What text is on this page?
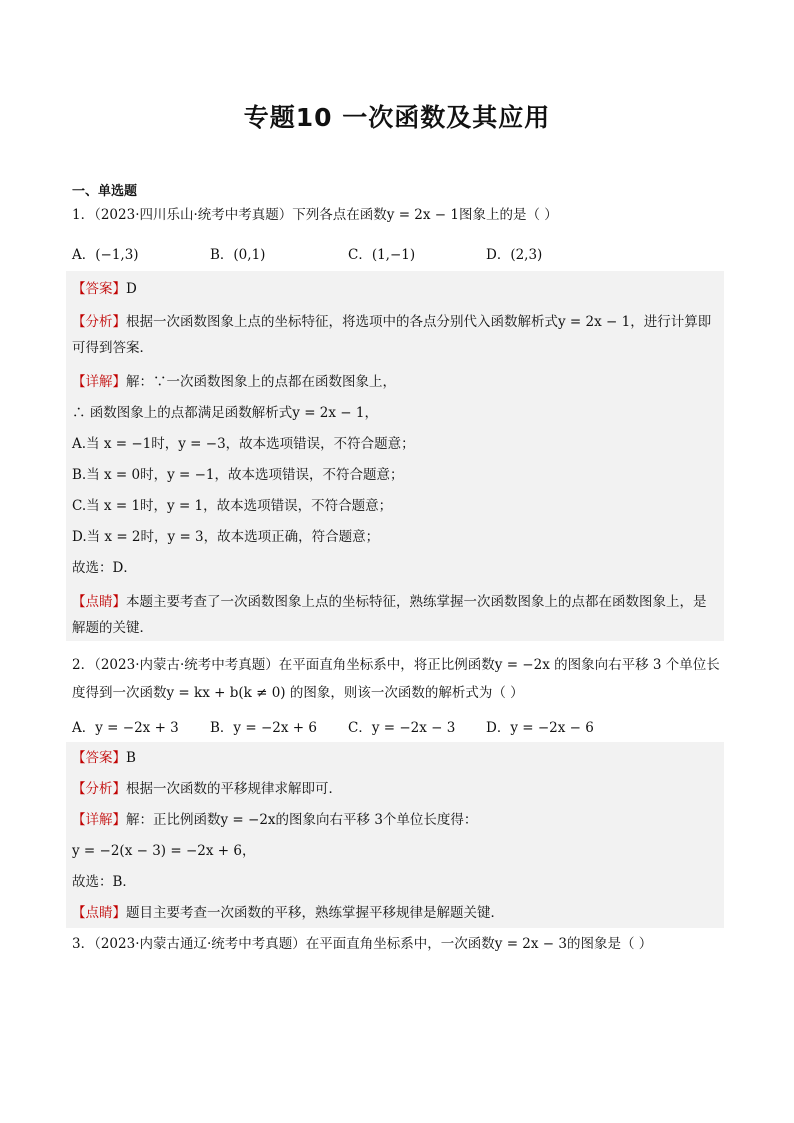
专题10 一次函数及其应用
一、单选题
1．（2023·四川乐山·统考中考真题）下列各点在函数y = 2x − 1图象上的是（ ）
A．(−1,3)	B．(0,1)	C．(1,−1)	D．(2,3)
【答案】D
【分析】根据一次函数图象上点的坐标特征，将选项中的各点分别代入函数解析式y = 2x − 1，进行计算即可得到答案．
【详解】解：∵一次函数图象上的点都在函数图象上，
∴ 函数图象上的点都满足函数解析式y = 2x − 1，
A.当 x = −1时，y = −3，故本选项错误，不符合题意；
B.当 x = 0时，y = −1，故本选项错误，不符合题意；
C.当 x = 1时，y = 1，故本选项错误，不符合题意；
D.当 x = 2时，y = 3，故本选项正确，符合题意；
故选：D．
【点睛】本题主要考查了一次函数图象上点的坐标特征，熟练掌握一次函数图象上的点都在函数图象上，是解题的关键．
2．（2023·内蒙古·统考中考真题）在平面直角坐标系中，将正比例函数y = −2x 的图象向右平移 3 个单位长度得到一次函数y = kx + b(k ≠ 0) 的图象，则该一次函数的解析式为（ ）
A．y = −2x + 3 B．y = −2x + 6 C．y = −2x − 3 D．y = −2x − 6
【答案】B
【分析】根据一次函数的平移规律求解即可．
【详解】解：正比例函数y = −2x的图象向右平移 3个单位长度得：
y = −2(x − 3) = −2x + 6，
故选：B．
【点睛】题目主要考查一次函数的平移，熟练掌握平移规律是解题关键．
3．（2023·内蒙古通辽·统考中考真题）在平面直角坐标系中，一次函数y = 2x − 3的图象是（ ）
